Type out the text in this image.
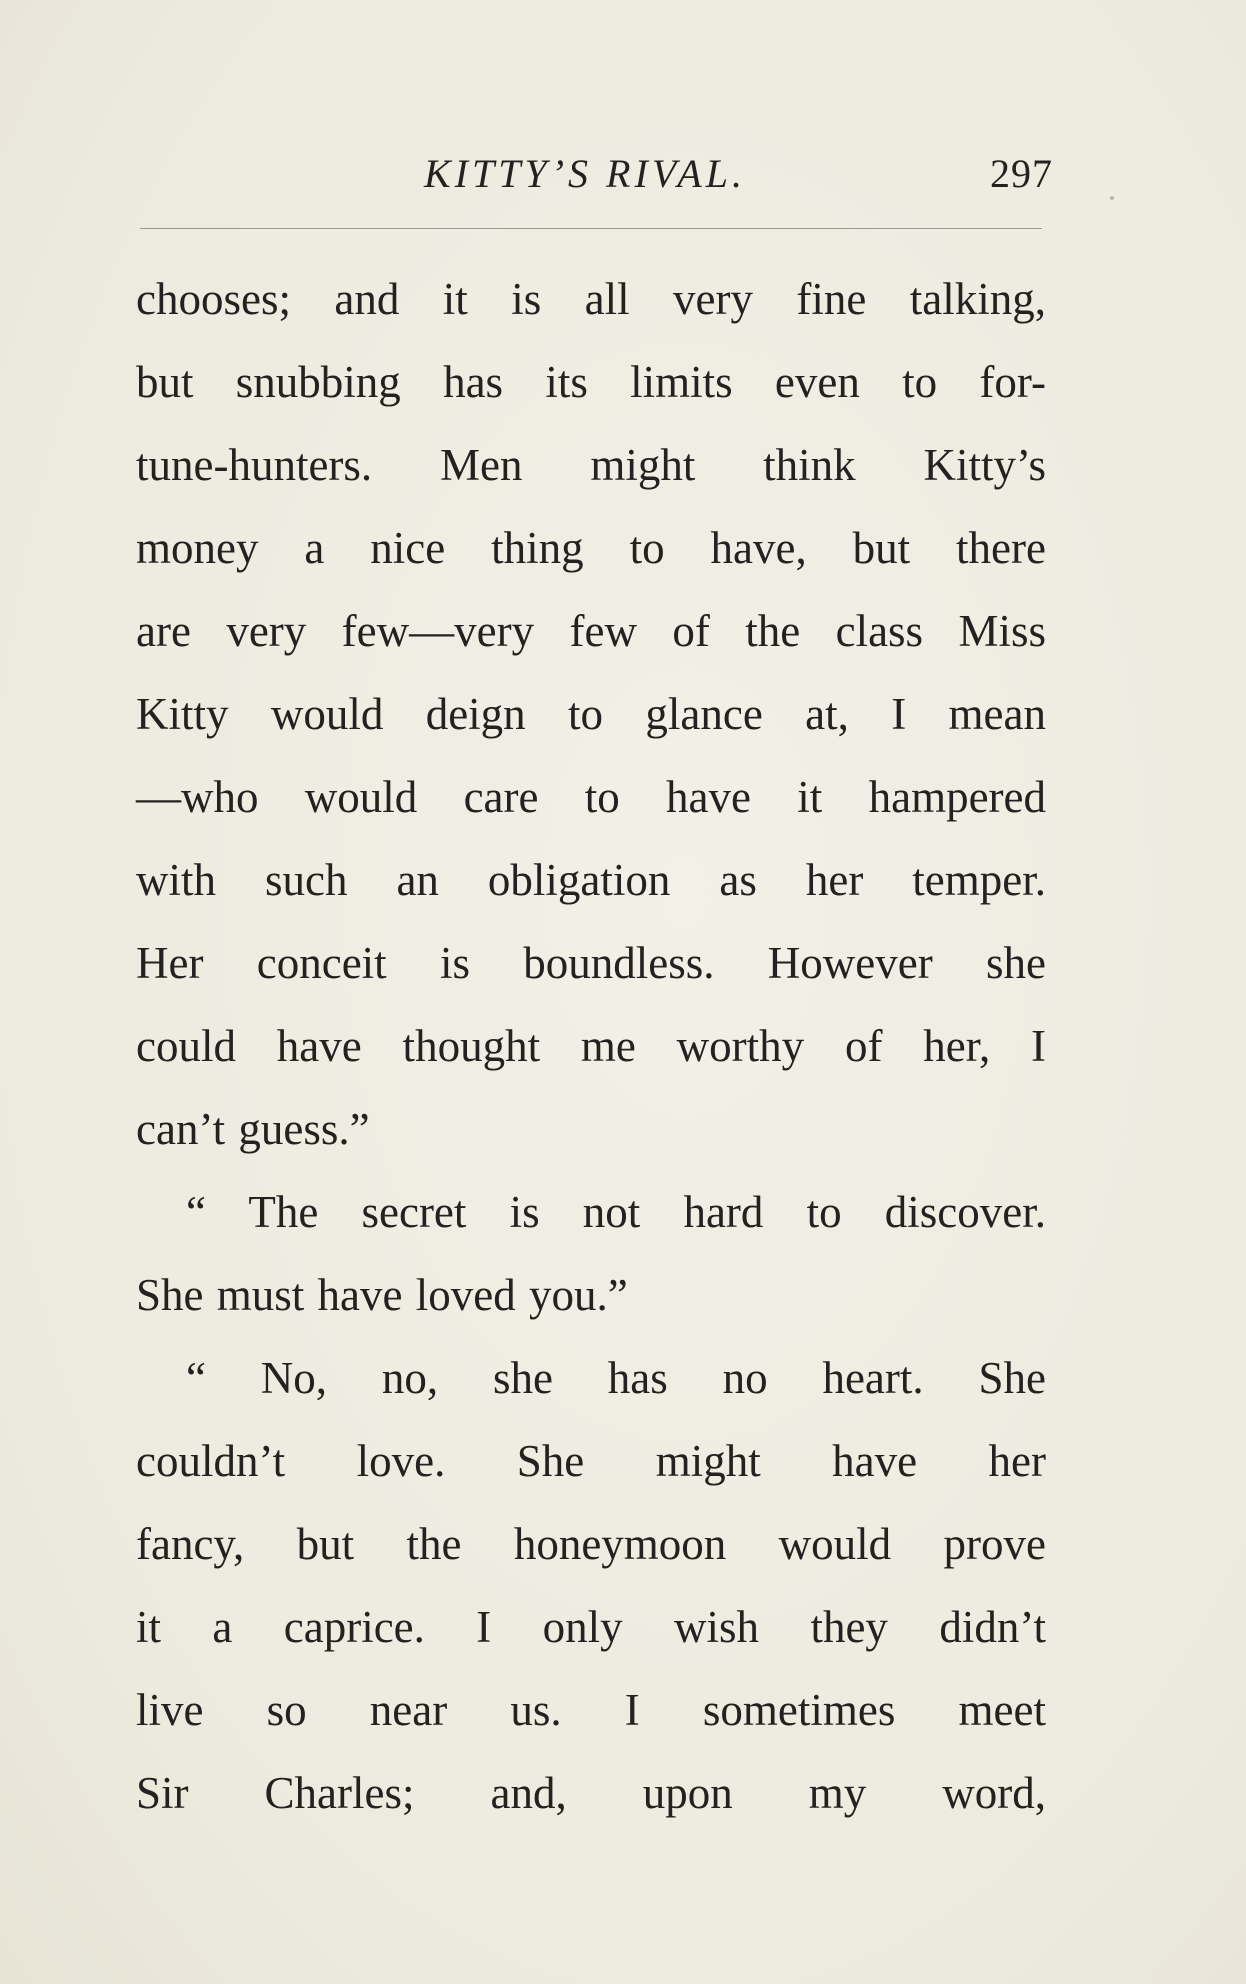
KITTY’S RIVAL.	297
chooses; and it is all very fine talking,
but snubbing has its limits even to for-
tune-hunters. Men might think Kitty’s
money a nice thing to have, but there
are very few—very few of the class Miss
Kitty would deign to glance at, I mean
—who would care to have it hampered
with such an obligation as her temper.
Her conceit is boundless. However she
could have thought me worthy of her, I
can’t guess.”
“ The secret is not hard to discover.
She must have loved you.”
“ No, no, she has no heart. She
couldn’t love. She might have her
fancy, but the honeymoon would prove
it a caprice. I only wish they didn’t
live so near us. I sometimes meet
Sir Charles; and, upon my word,
